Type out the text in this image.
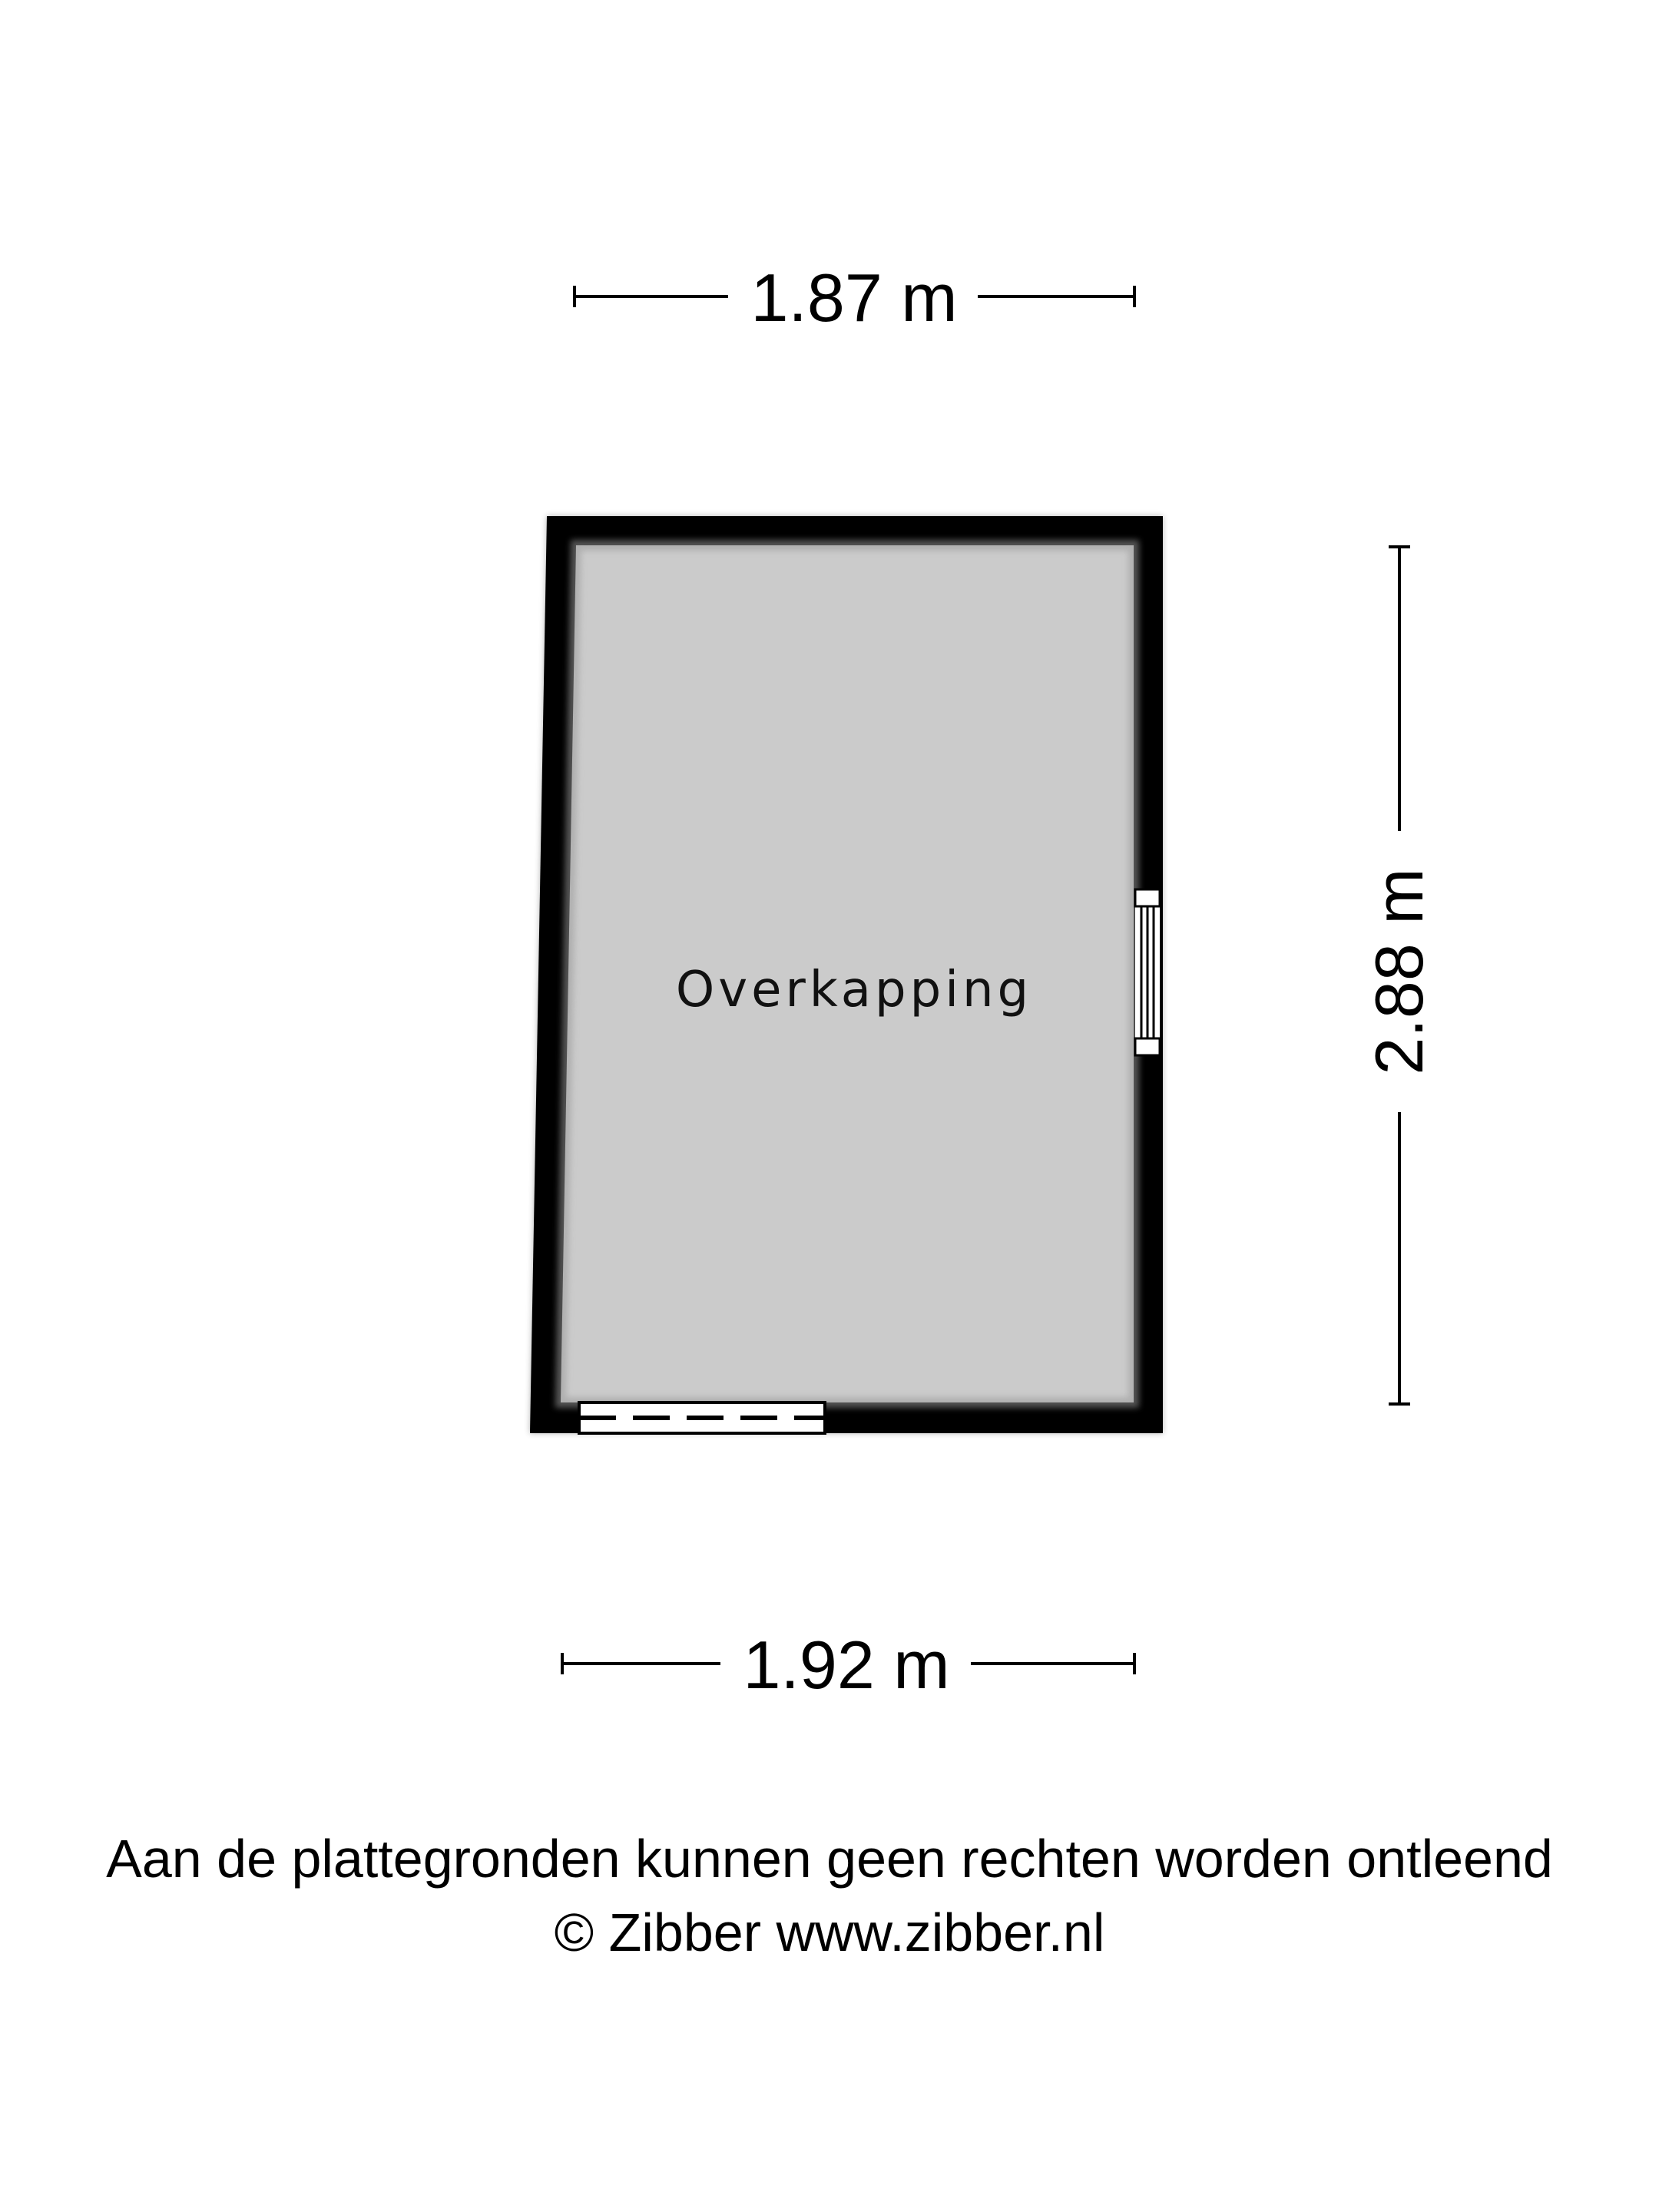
1.87 m
Overkapping	2.88 m
1.92 m
Aan de plattegronden kunnen geen rechten worden ontleend
© Zibber www.zibber.nl
